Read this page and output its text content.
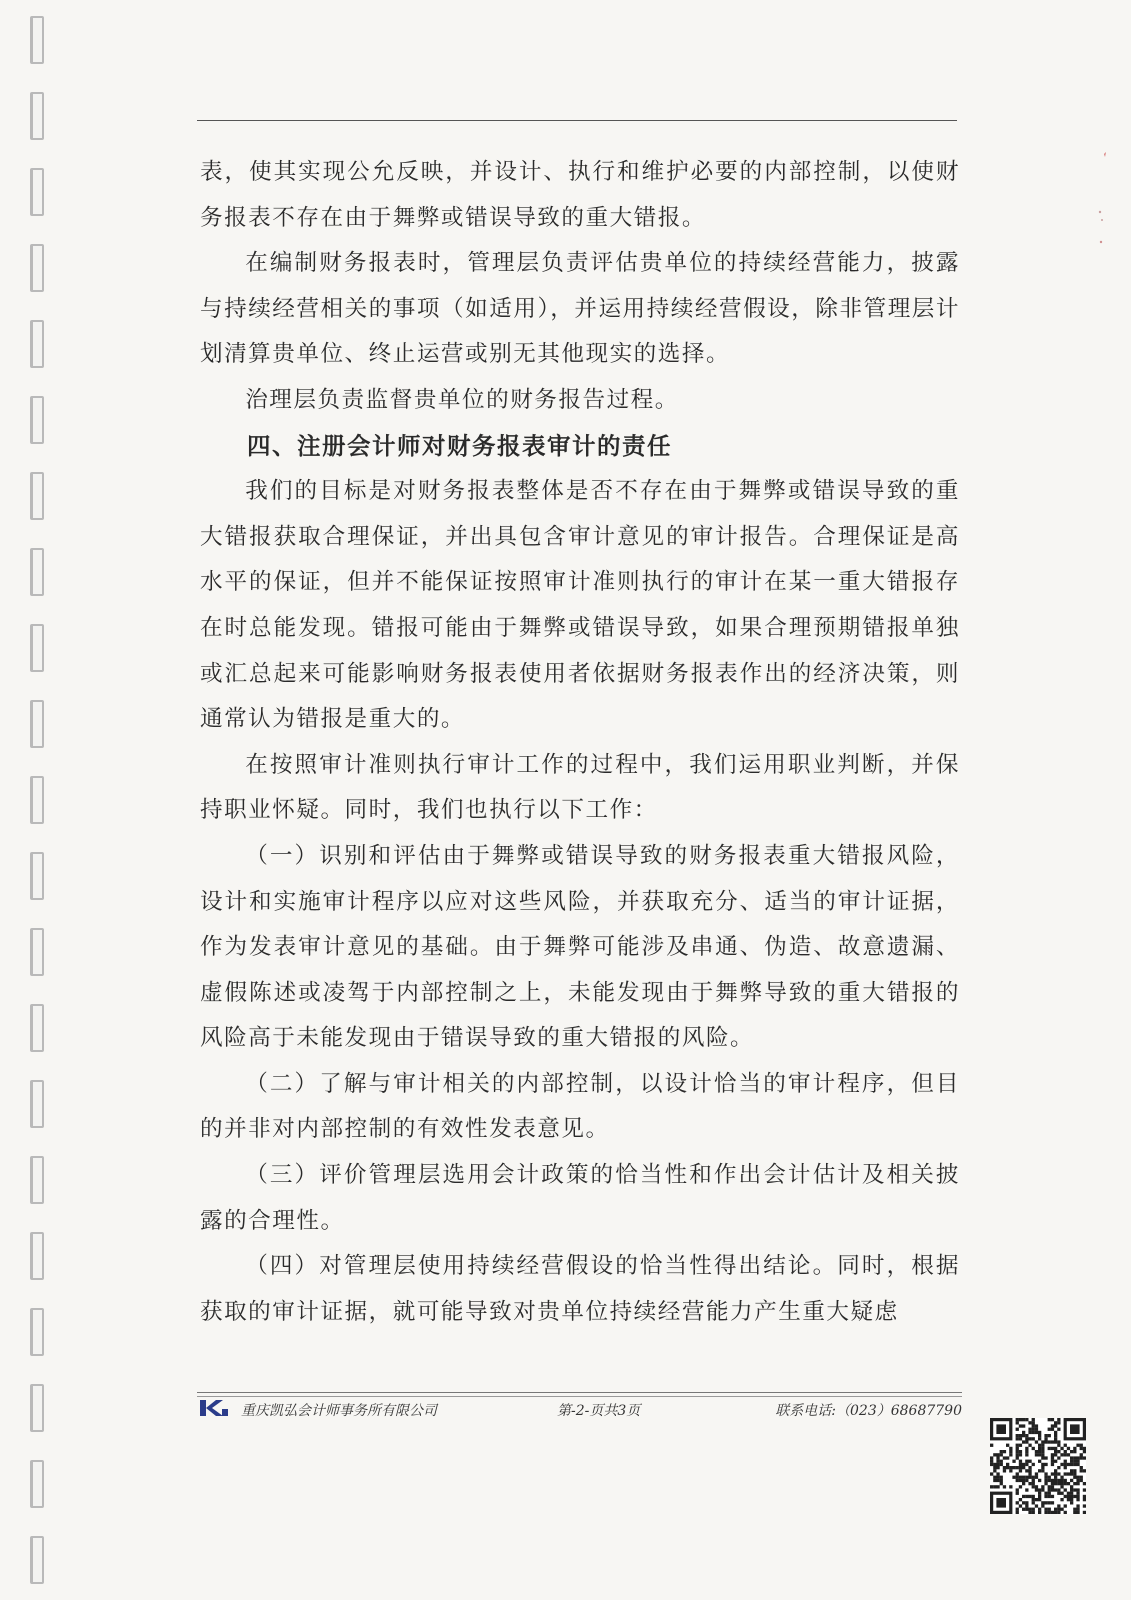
表，使其实现公允反映，并设计、执行和维护必要的内部控制，以使财务报表不存在由于舞弊或错误导致的重大错报。

在编制财务报表时，管理层负责评估贵单位的持续经营能力，披露与持续经营相关的事项（如适用），并运用持续经营假设，除非管理层计划清算贵单位、终止运营或别无其他现实的选择。

治理层负责监督贵单位的财务报告过程。

四、注册会计师对财务报表审计的责任

我们的目标是对财务报表整体是否不存在由于舞弊或错误导致的重大错报获取合理保证，并出具包含审计意见的审计报告。合理保证是高水平的保证，但并不能保证按照审计准则执行的审计在某一重大错报存在时总能发现。错报可能由于舞弊或错误导致，如果合理预期错报单独或汇总起来可能影响财务报表使用者依据财务报表作出的经济决策，则通常认为错报是重大的。

在按照审计准则执行审计工作的过程中，我们运用职业判断，并保持职业怀疑。同时，我们也执行以下工作：

（一）识别和评估由于舞弊或错误导致的财务报表重大错报风险，设计和实施审计程序以应对这些风险，并获取充分、适当的审计证据，作为发表审计意见的基础。由于舞弊可能涉及串通、伪造、故意遗漏、虚假陈述或凌驾于内部控制之上，未能发现由于舞弊导致的重大错报的风险高于未能发现由于错误导致的重大错报的风险。

（二）了解与审计相关的内部控制，以设计恰当的审计程序，但目的并非对内部控制的有效性发表意见。

（三）评价管理层选用会计政策的恰当性和作出会计估计及相关披露的合理性。

（四）对管理层使用持续经营假设的恰当性得出结论。同时，根据获取的审计证据，就可能导致对贵单位持续经营能力产生重大疑虑

重庆凯弘会计师事务所有限公司	第-2-页共3页	联系电话:（023）68687790
